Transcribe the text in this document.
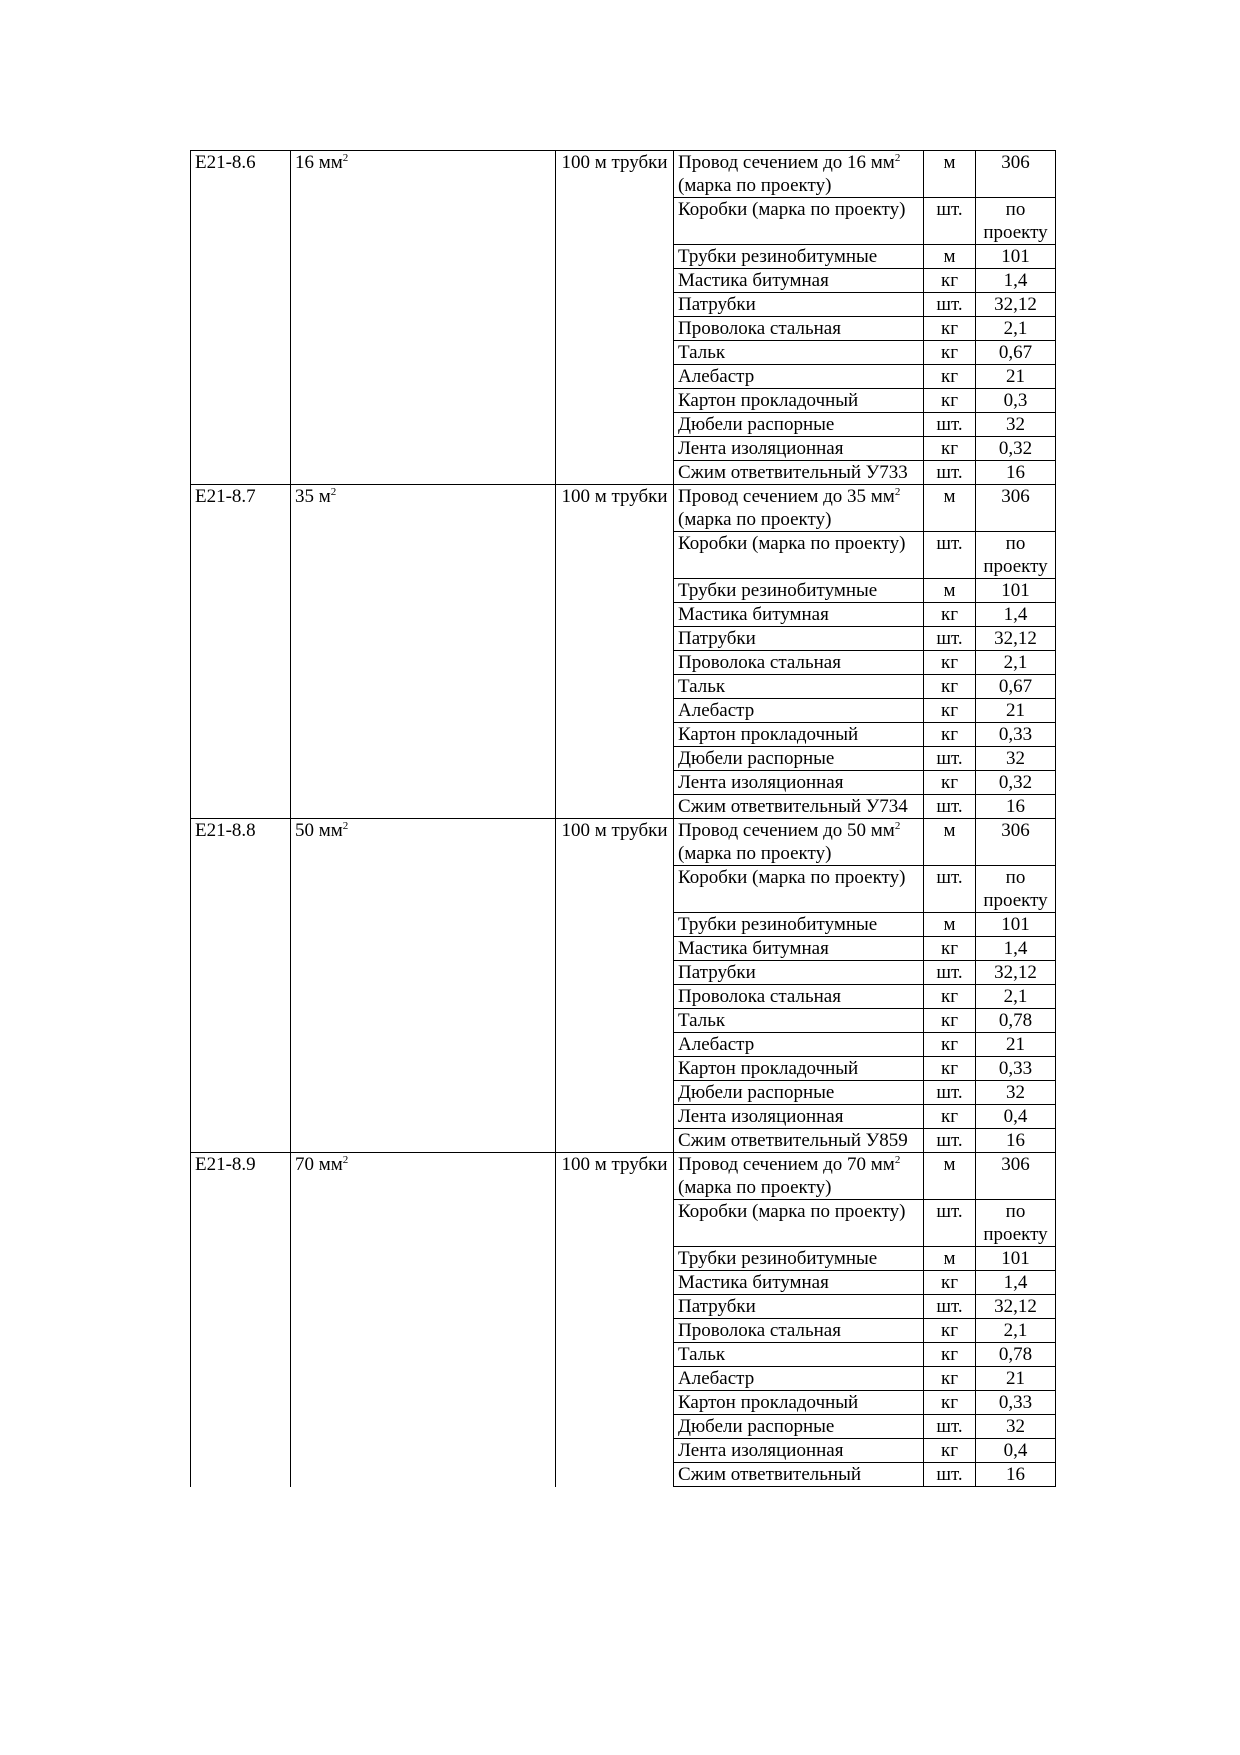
Е21-8.6	16 $мм^2$	100 м трубки	Провод сечением до 16 $мм^2$ (марка по проекту)	м	306
			Коробки (марка по проекту)	шт.	по проекту
			Трубки резинобитумные	м	101
			Мастика битумная	кг	1,4
			Патрубки	шт.	32,12
			Проволока стальная	кг	2,1
			Тальк	кг	0,67
			Алебастр	кг	21
			Картон прокладочный	кг	0,3
			Дюбели распорные	шт.	32
			Лента изоляционная	кг	0,32
			Сжим ответвительный У733	шт.	16
Е21-8.7	35 $м^2$	100 м трубки	Провод сечением до 35 $мм^2$ (марка по проекту)	м	306
			Коробки (марка по проекту)	шт.	по проекту
			Трубки резинобитумные	м	101
			Мастика битумная	кг	1,4
			Патрубки	шт.	32,12
			Проволока стальная	кг	2,1
			Тальк	кг	0,67
			Алебастр	кг	21
			Картон прокладочный	кг	0,33
			Дюбели распорные	шт.	32
			Лента изоляционная	кг	0,32
			Сжим ответвительный У734	шт.	16
Е21-8.8	50 $мм^2$	100 м трубки	Провод сечением до 50 $мм^2$ (марка по проекту)	м	306
			Коробки (марка по проекту)	шт.	по проекту
			Трубки резинобитумные	м	101
			Мастика битумная	кг	1,4
			Патрубки	шт.	32,12
			Проволока стальная	кг	2,1
			Тальк	кг	0,78
			Алебастр	кг	21
			Картон прокладочный	кг	0,33
			Дюбели распорные	шт.	32
			Лента изоляционная	кг	0,4
			Сжим ответвительный У859	шт.	16
Е21-8.9	70 $мм^2$	100 м трубки	Провод сечением до 70 $мм^2$ (марка по проекту)	м	306
			Коробки (марка по проекту)	шт.	по проекту
			Трубки резинобитумные	м	101
			Мастика битумная	кг	1,4
			Патрубки	шт.	32,12
			Проволока стальная	кг	2,1
			Тальк	кг	0,78
			Алебастр	кг	21
			Картон прокладочный	кг	0,33
			Дюбели распорные	шт.	32
			Лента изоляционная	кг	0,4
			Сжим ответвительный	шт.	16
